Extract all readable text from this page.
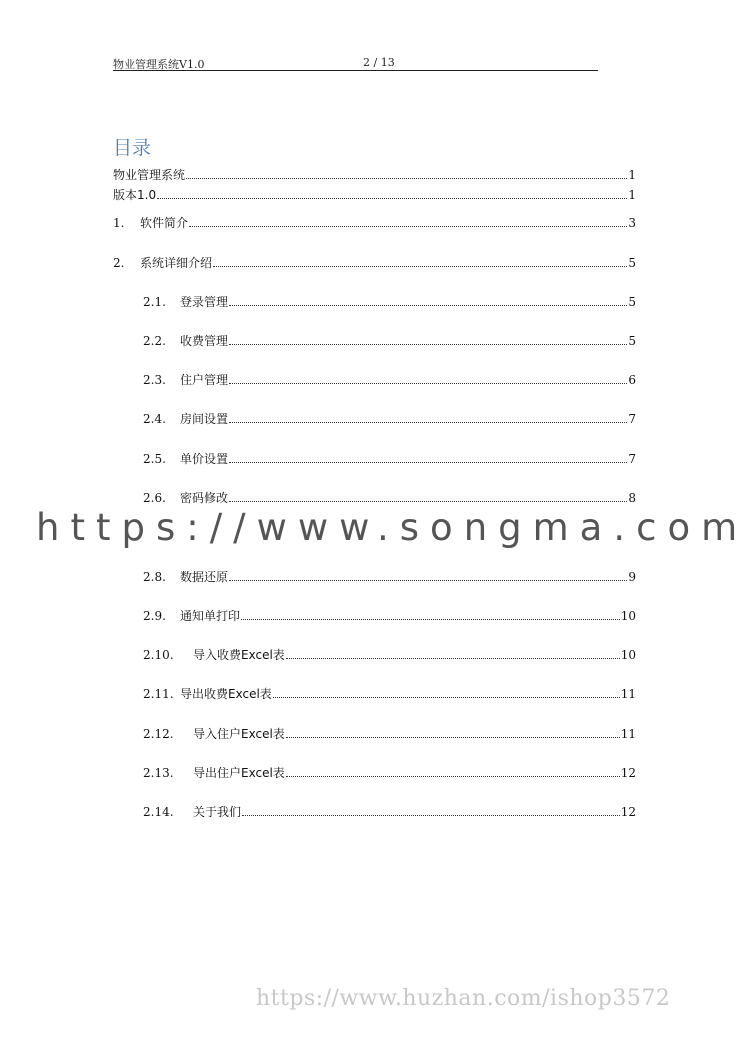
物业管理系统V1.0	2 / 13
目录
物业管理系统	1
版本1.0	1
1.	软件简介	3
2.	系统详细介绍	5
2.1.	登录管理	5
2.2.	收费管理	5
2.3.	住户管理	6
2.4.	房间设置	7
2.5.	单价设置	7
2.6.	密码修改	8
2.8.	数据还原	9
2.9.	通知单打印	10
2.10.	导入收费Excel表	10
2.11. 导出收费Excel表	11
2.12.	导入住户Excel表	11
2.13.	导出住户Excel表	12
2.14.	关于我们	12
https://www.songma.com
https://www.huzhan.com/ishop3572
